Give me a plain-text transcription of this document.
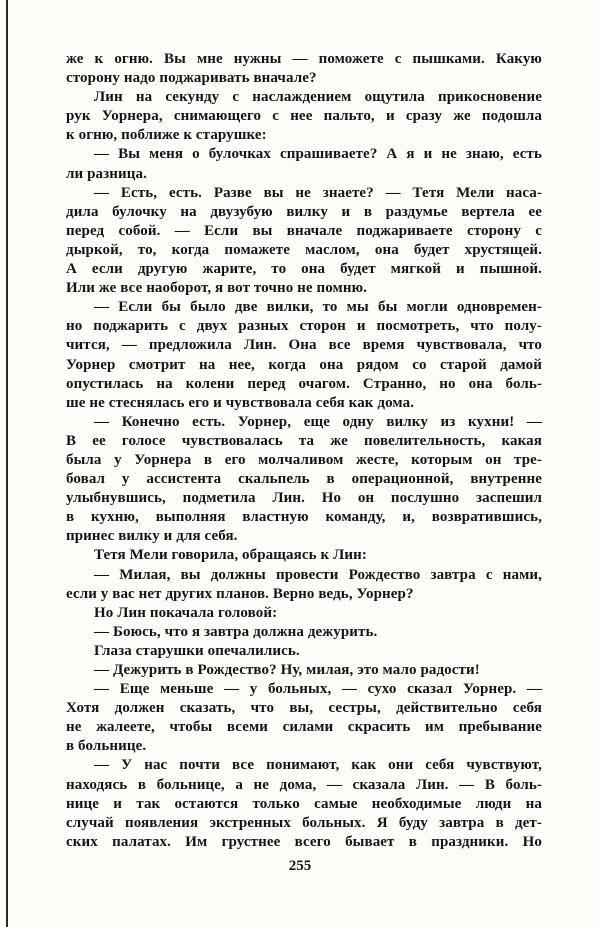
же к огню. Вы мне нужны — поможете с пышками. Какую
сторону надо поджаривать вначале?
Лин на секунду с наслаждением ощутила прикосновение
рук Уорнера, снимающего с нее пальто, и сразу же подошла
к огню, поближе к старушке:
— Вы меня о булочках спрашиваете? А я и не знаю, есть
ли разница.
— Есть, есть. Разве вы не знаете? — Тетя Мели наса-
дила булочку на двузубую вилку и в раздумье вертела ее
перед собой. — Если вы вначале поджариваете сторону с
дыркой, то, когда помажете маслом, она будет хрустящей.
А если другую жарите, то она будет мягкой и пышной.
Или же все наоборот, я вот точно не помню.
— Если бы было две вилки, то мы бы могли одновремен-
но поджарить с двух разных сторон и посмотреть, что полу-
чится, — предложила Лин. Она все время чувствовала, что
Уорнер смотрит на нее, когда она рядом со старой дамой
опустилась на колени перед очагом. Странно, но она боль-
ше не стеснялась его и чувствовала себя как дома.
— Конечно есть. Уорнер, еще одну вилку из кухни! —
В ее голосе чувствовалась та же повелительность, какая
была у Уорнера в его молчаливом жесте, которым он тре-
бовал у ассистента скальпель в операционной, внутренне
улыбнувшись, подметила Лин. Но он послушно заспешил
в кухню, выполняя властную команду, и, возвратившись,
принес вилку и для себя.
Тетя Мели говорила, обращаясь к Лин:
— Милая, вы должны провести Рождество завтра с нами,
если у вас нет других планов. Верно ведь, Уорнер?
Но Лин покачала головой:
— Боюсь, что я завтра должна дежурить.
Глаза старушки опечалились.
— Дежурить в Рождество? Ну, милая, это мало радости!
— Еще меньше — у больных, — сухо сказал Уорнер. —
Хотя должен сказать, что вы, сестры, действительно себя
не жалеете, чтобы всеми силами скрасить им пребывание
в больнице.
— У нас почти все понимают, как они себя чувствуют,
находясь в больнице, а не дома, — сказала Лин. — В боль-
нице и так остаются только самые необходимые люди на
случай появления экстренных больных. Я буду завтра в дет-
ских палатах. Им грустнее всего бывает в праздники. Но
255
